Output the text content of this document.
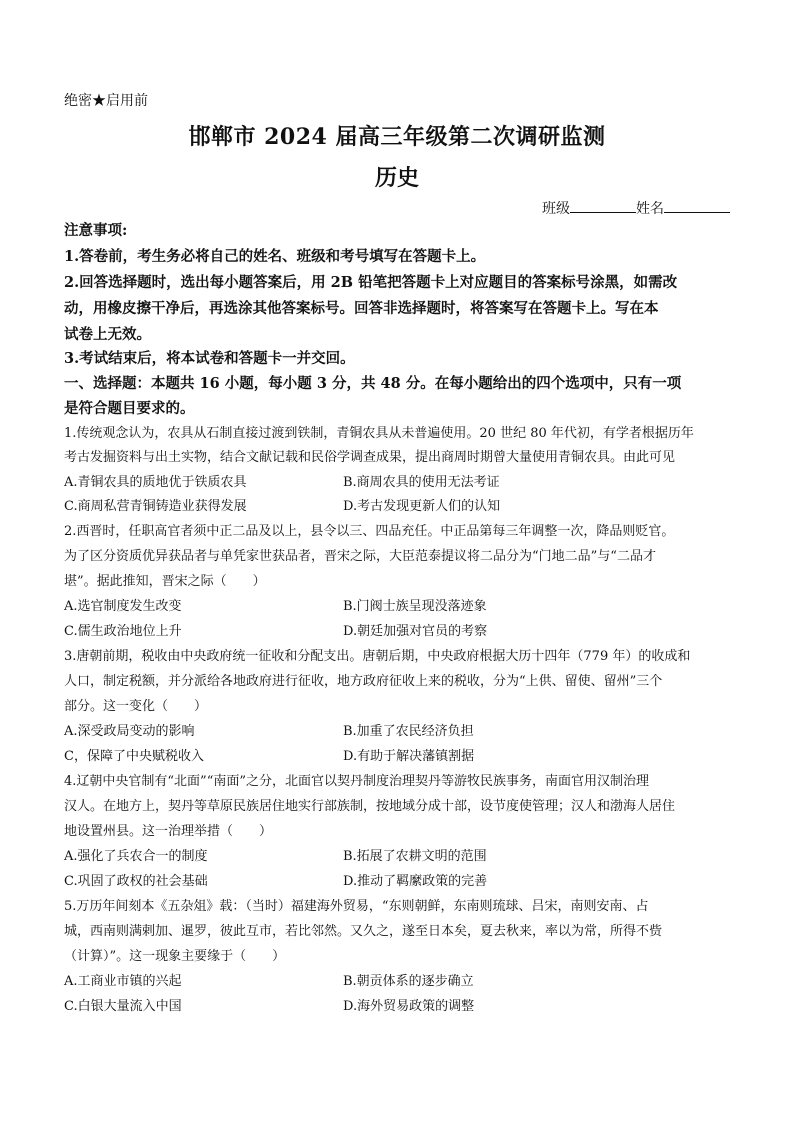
绝密★启用前
邯郸市 2024 届高三年级第二次调研监测
历史
班级	姓名
注意事项:
1.答卷前，考生务必将自己的姓名、班级和考号填写在答题卡上。
2.回答选择题时，选出每小题答案后，用 2B 铅笔把答题卡上对应题目的答案标号涂黑，如需改
动，用橡皮擦干净后，再选涂其他答案标号。回答非选择题时，将答案写在答题卡上。写在本
试卷上无效。
3.考试结束后，将本试卷和答题卡一并交回。
一、选择题：本题共 16 小题，每小题 3 分，共 48 分。在每小题给出的四个选项中，只有一项
是符合题目要求的。
1.传统观念认为，农具从石制直接过渡到铁制，青铜农具从未普遍使用。20 世纪 80 年代初，有学者根据历年
考古发掘资料与出土实物，结合文献记载和民俗学调查成果，提出商周时期曾大量使用青铜农具。由此可见
A.青铜农具的质地优于铁质农具	B.商周农具的使用无法考证
C.商周私营青铜铸造业获得发展	D.考古发现更新人们的认知
2.西晋时，任职高官者须中正二品及以上，县令以三、四品充任。中正品第每三年调整一次，降品则贬官。
为了区分资质优异获品者与单凭家世获品者，晋宋之际，大臣范泰提议将二品分为“门地二品”与“二品才
堪”。据此推知，晋宋之际（　　）
A.选官制度发生改变	B.门阀士族呈现没落迹象
C.儒生政治地位上升	D.朝廷加强对官员的考察
3.唐朝前期，税收由中央政府统一征收和分配支出。唐朝后期，中央政府根据大历十四年（779 年）的收成和
人口，制定税额，并分派给各地政府进行征收，地方政府征收上来的税收，分为“上供、留使、留州”三个
部分。这一变化（　　）
A.深受政局变动的影响	B.加重了农民经济负担
C，保障了中央赋税收入	D.有助于解决藩镇割据
4.辽朝中央官制有“北面”“南面”之分，北面官以契丹制度治理契丹等游牧民族事务，南面官用汉制治理
汉人。在地方上，契丹等草原民族居住地实行部族制，按地域分成十部，设节度使管理；汉人和渤海人居住
地设置州县。这一治理举措（　　）
A.强化了兵农合一的制度	B.拓展了农耕文明的范围
C.巩固了政权的社会基础	D.推动了羁縻政策的完善
5.万历年间刻本《五杂俎》载：（当时）福建海外贸易，“东则朝鲜，东南则琉球、吕宋，南则安南、占
城，西南则满剌加、暹罗，彼此互市，若比邻然。又久之，遂至日本矣，夏去秋来，率以为常，所得不赀
（计算）”。这一现象主要缘于（　　）
A.工商业市镇的兴起	B.朝贡体系的逐步确立
C.白银大量流入中国	D.海外贸易政策的调整
